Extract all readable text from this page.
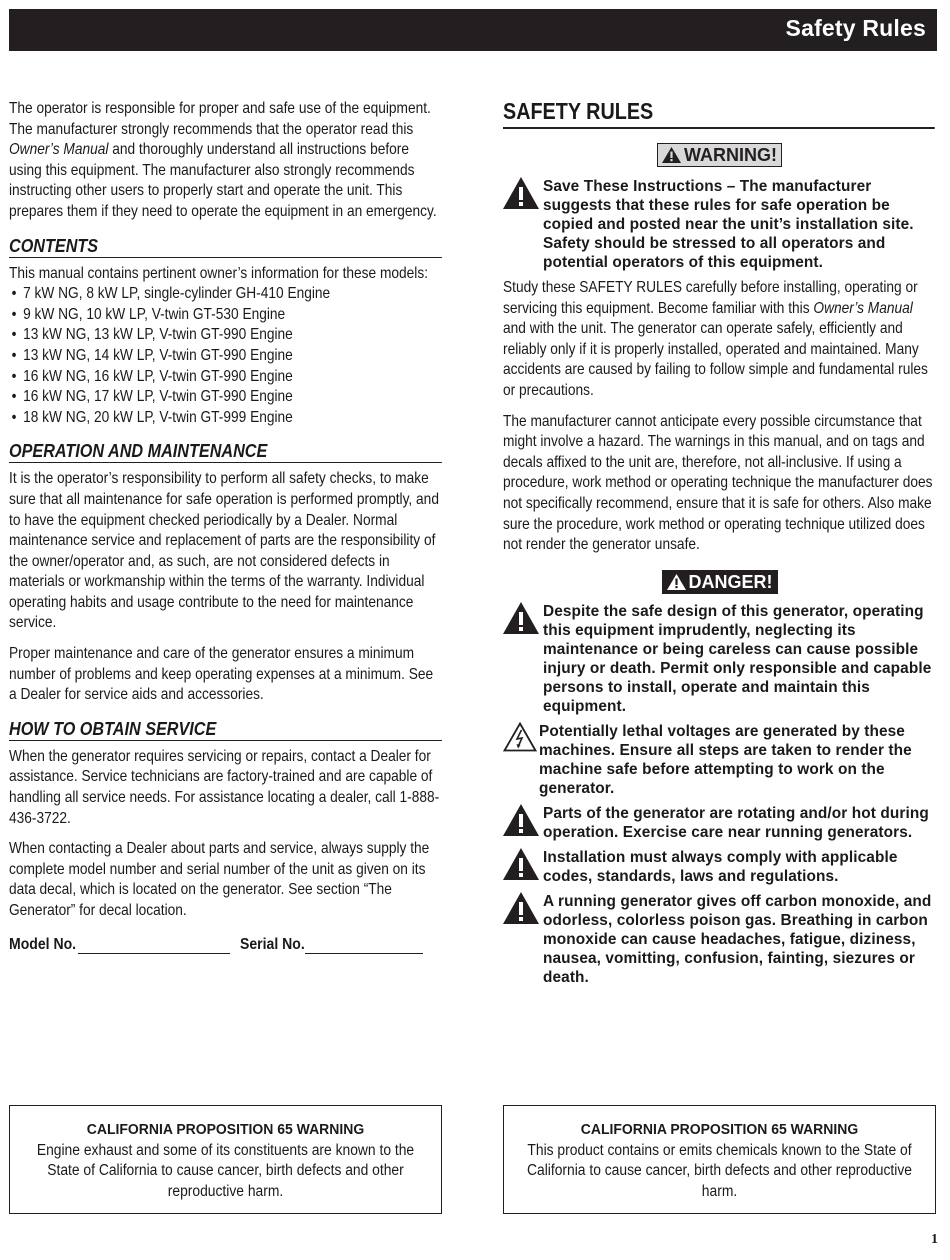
Safety Rules

The operator is responsible for proper and safe use of the equipment. The manufacturer strongly recommends that the operator read this Owner’s Manual and thoroughly understand all instructions before using this equipment. The manufacturer also strongly recommends instructing other users to properly start and operate the unit. This prepares them if they need to operate the equipment in an emergency.

CONTENTS

This manual contains pertinent owner’s information for these models:

• 7 kW NG, 8 kW LP, single-cylinder GH-410 Engine
• 9 kW NG, 10 kW LP, V-twin GT-530 Engine
• 13 kW NG, 13 kW LP, V-twin GT-990 Engine
• 13 kW NG, 14 kW LP, V-twin GT-990 Engine
• 16 kW NG, 16 kW LP, V-twin GT-990 Engine
• 16 kW NG, 17 kW LP, V-twin GT-990 Engine
• 18 kW NG, 20 kW LP, V-twin GT-999 Engine
OPERATION AND MAINTENANCE

It is the operator’s responsibility to perform all safety checks, to make sure that all maintenance for safe operation is performed promptly, and to have the equipment checked periodically by a Dealer. Normal maintenance service and replacement of parts are the responsibility of the owner/operator and, as such, are not considered defects in materials or workmanship within the terms of the warranty. Individual operating habits and usage contribute to the need for maintenance service.

Proper maintenance and care of the generator ensures a minimum number of problems and keep operating expenses at a minimum. See a Dealer for service aids and accessories.

HOW TO OBTAIN SERVICE

When the generator requires servicing or repairs, contact a Dealer for assistance. Service technicians are factory-trained and are capable of handling all service needs. For assistance locating a dealer, call 1-888-436-3722.

When contacting a Dealer about parts and service, always supply the complete model number and serial number of the unit as given on its data decal, which is located on the generator. See section “The Generator” for decal location.

Model No.	Serial No.
SAFETY RULES
WARNING!
Save These Instructions – The manufacturer suggests that these rules for safe operation be copied and posted near the unit’s installation site. Safety should be stressed to all operators and potential operators of this equipment.

Study these SAFETY RULES carefully before installing, operating or servicing this equipment. Become familiar with this Owner’s Manual and with the unit. The generator can operate safely, efficiently and reliably only if it is properly installed, operated and maintained. Many accidents are caused by failing to follow simple and fundamental rules or precautions.

The manufacturer cannot anticipate every possible circumstance that might involve a hazard. The warnings in this manual, and on tags and decals affixed to the unit are, therefore, not all-inclusive. If using a procedure, work method or operating technique the manufacturer does not specifically recommend, ensure that it is safe for others. Also make sure the procedure, work method or operating technique utilized does not render the generator unsafe.

DANGER!
Despite the safe design of this generator, operating this equipment imprudently, neglecting its maintenance or being careless can cause possible injury or death. Permit only responsible and capable persons to install, operate and maintain this equipment.
Potentially lethal voltages are generated by these machines. Ensure all steps are taken to render the machine safe before attempting to work on the generator.
Parts of the generator are rotating and/or hot during operation. Exercise care near running generators.
Installation must always comply with applicable codes, standards, laws and regulations.
A running generator gives off carbon monoxide, and odorless, colorless poison gas. Breathing in carbon monoxide can cause headaches, fatigue, diziness, nausea, vomitting, confusion, fainting, siezures or death.
CALIFORNIA PROPOSITION 65 WARNING
Engine exhaust and some of its constituents are known to the State of California to cause cancer, birth defects and other reproductive harm.
CALIFORNIA PROPOSITION 65 WARNING
This product contains or emits chemicals known to the State of California to cause cancer, birth defects and other reproductive harm.
1
